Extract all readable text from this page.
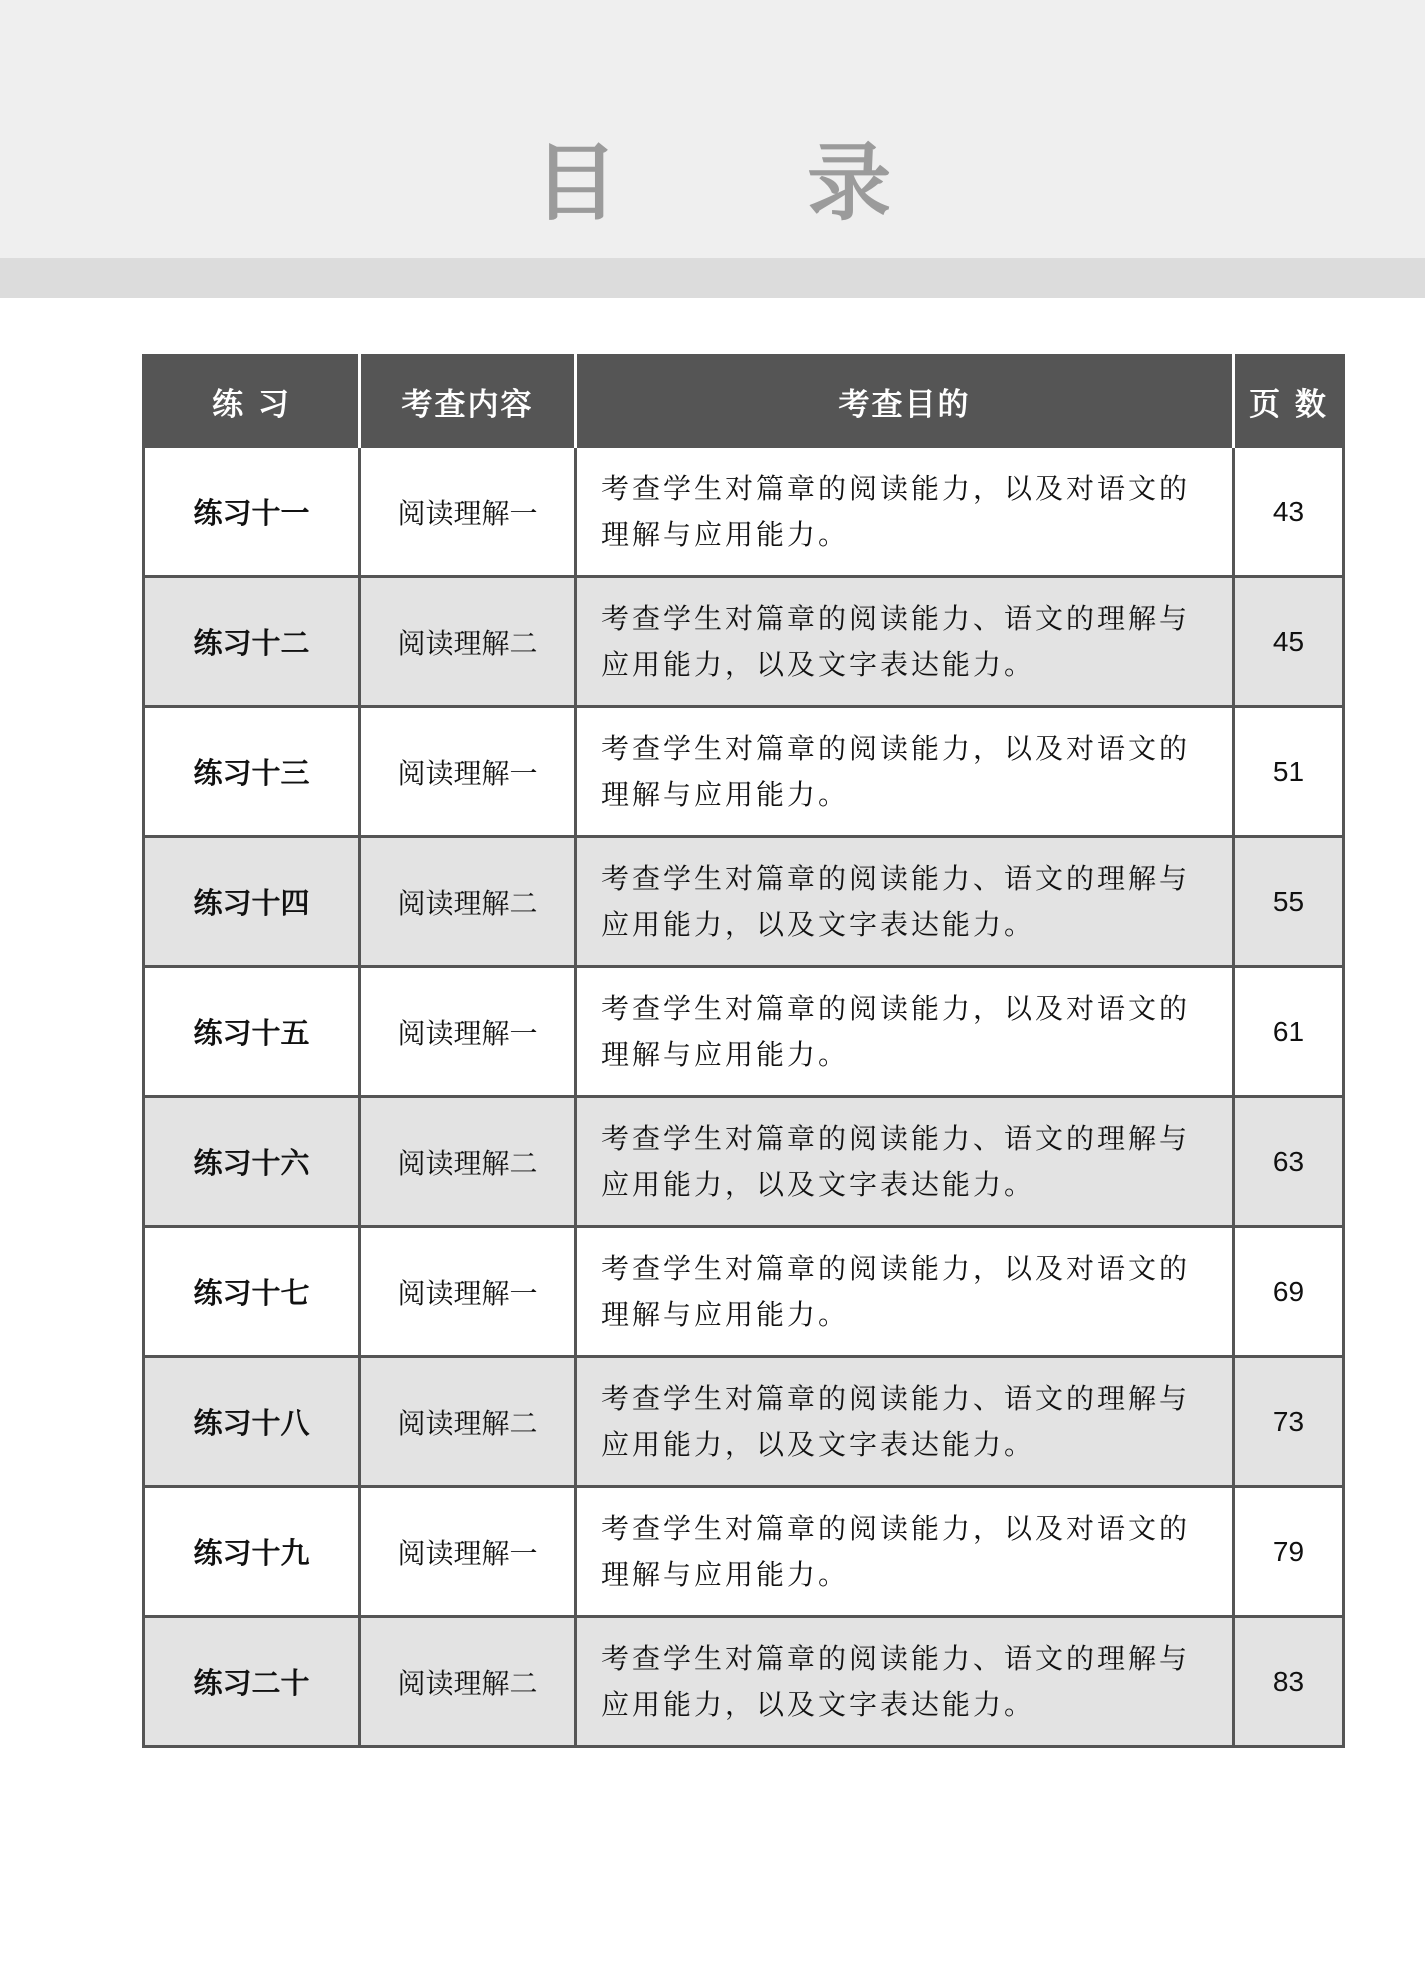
目 录
练 习	考查内容	考查目的	页 数
练习十一	阅读理解一	考查学生对篇章的阅读能力，以及对语文的理解与应用能力。	43
练习十二	阅读理解二	考查学生对篇章的阅读能力、语文的理解与应用能力，以及文字表达能力。	45
练习十三	阅读理解一	考查学生对篇章的阅读能力，以及对语文的理解与应用能力。	51
练习十四	阅读理解二	考查学生对篇章的阅读能力、语文的理解与应用能力，以及文字表达能力。	55
练习十五	阅读理解一	考查学生对篇章的阅读能力，以及对语文的理解与应用能力。	61
练习十六	阅读理解二	考查学生对篇章的阅读能力、语文的理解与应用能力，以及文字表达能力。	63
练习十七	阅读理解一	考查学生对篇章的阅读能力，以及对语文的理解与应用能力。	69
练习十八	阅读理解二	考查学生对篇章的阅读能力、语文的理解与应用能力，以及文字表达能力。	73
练习十九	阅读理解一	考查学生对篇章的阅读能力，以及对语文的理解与应用能力。	79
练习二十	阅读理解二	考查学生对篇章的阅读能力、语文的理解与应用能力，以及文字表达能力。	83
